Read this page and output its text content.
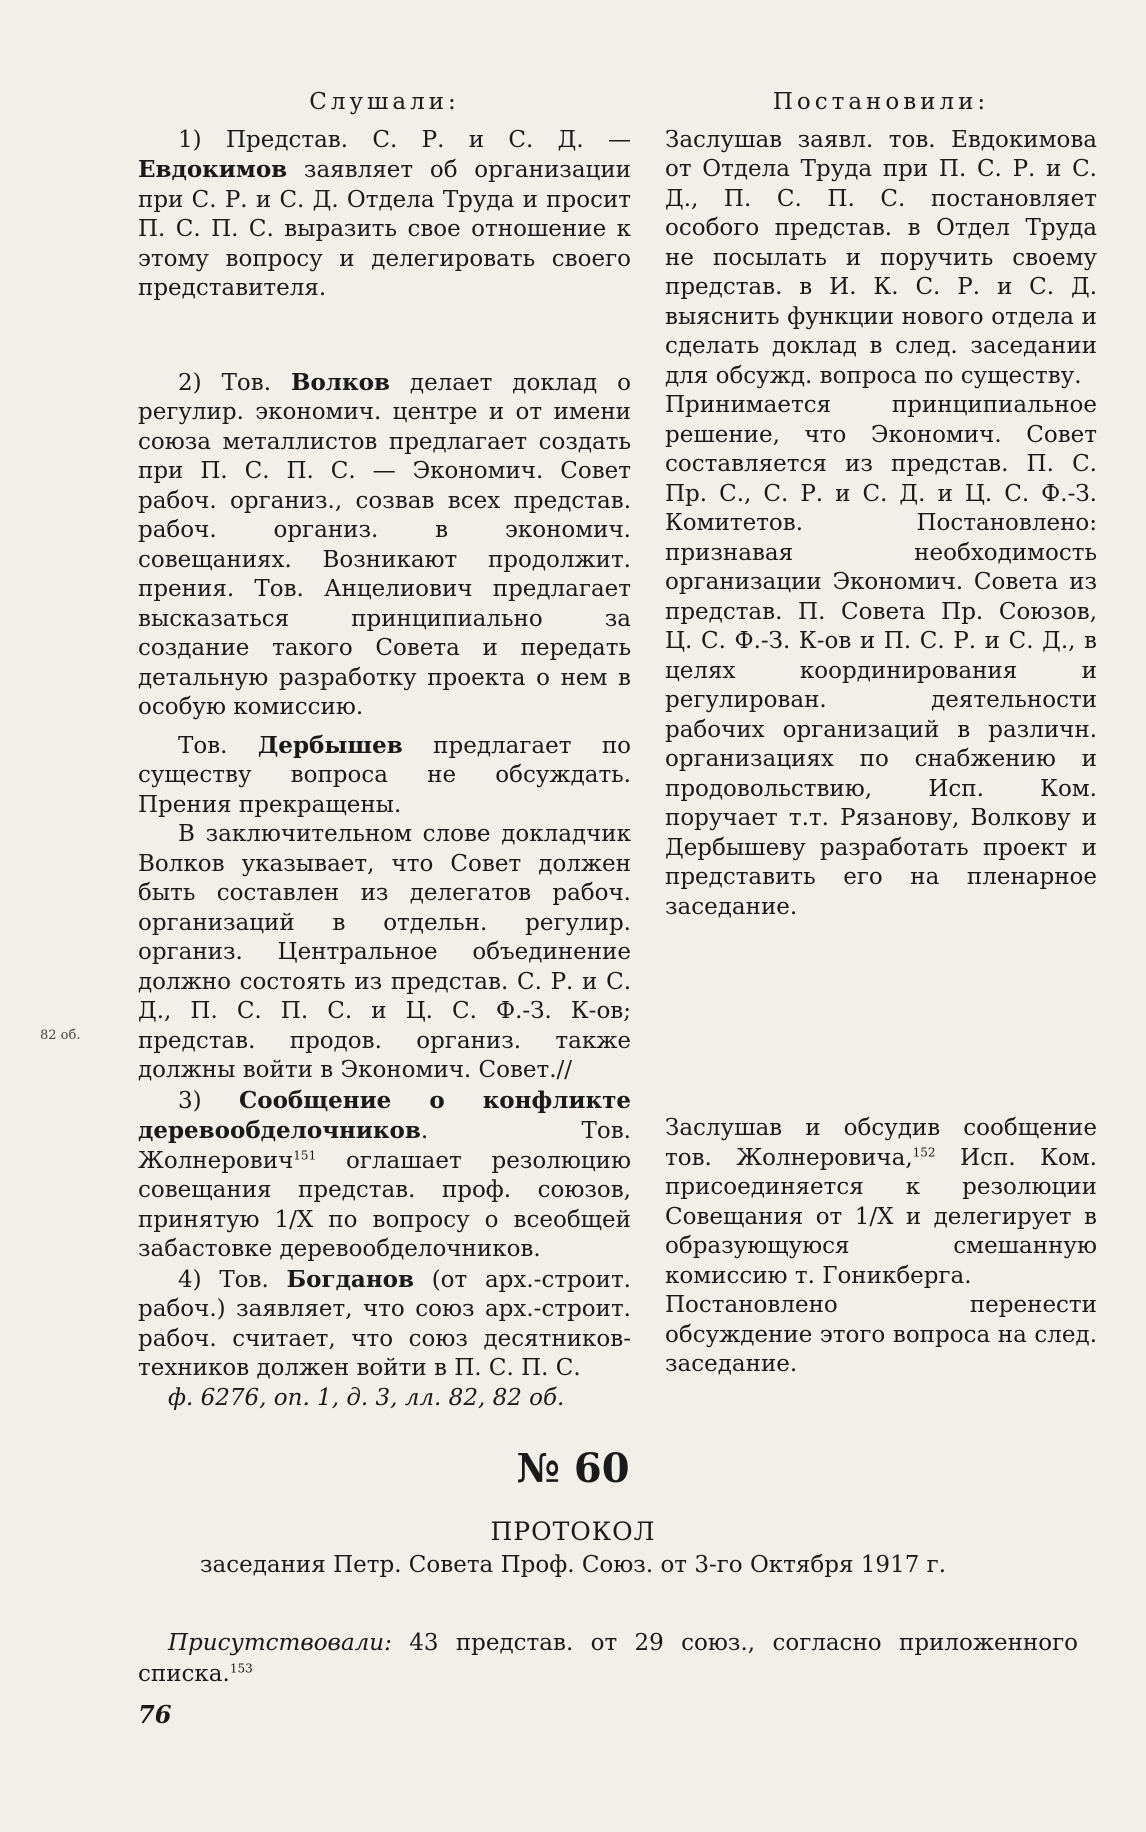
Слушали:

1) Представ. С. Р. и С. Д. — Евдокимов заявляет об организации при С. Р. и С. Д. Отдела Труда и просит П. С. П. С. выразить свое отношение к этому вопросу и делегировать своего представителя.

2) Тов. Волков делает доклад о регулир. экономич. центре и от имени союза металлистов предлагает создать при П. С. П. С. — Экономич. Совет рабоч. организ., созвав всех представ. рабоч. организ. в экономич. совещаниях. Возникают продолжит. прения. Тов. Анцелиович предлагает высказаться принципиально за создание такого Совета и передать детальную разработку проекта о нем в особую комиссию.

Тов. Дербышев предлагает по существу вопроса не обсуждать. Прения прекращены.

В заключительном слове докладчик Волков указывает, что Совет должен быть составлен из делегатов рабоч. организаций в отдельн. регулир. организ. Центральное объединение должно состоять из представ. С. Р. и С. Д., П. С. П. С. и Ц. С. Ф.-З. К-ов; представ. продов. организ. также должны войти в Экономич. Совет.//

3) Сообщение о конфликте деревообделочников. Тов. Жолнерович$^{151}$ оглашает резолюцию совещания представ. проф. союзов, принятую 1/X по вопросу о всеобщей забастовке деревообделочников.

4) Тов. Богданов (от арх.-строит. рабоч.) заявляет, что союз арх.-строит. рабоч. считает, что союз десятников-техников должен войти в П. С. П. С.

ф. 6276, оп. 1, д. 3, лл. 82, 82 об.

Постановили:

Заслушав заявл. тов. Евдокимова от Отдела Труда при П. С. Р. и С. Д., П. С. П. С. постановляет особого представ. в Отдел Труда не посылать и поручить своему представ. в И. К. С. Р. и С. Д. выяснить функции нового отдела и сделать доклад в след. заседании для обсужд. вопроса по существу.

Принимается принципиальное решение, что Экономич. Совет составляется из представ. П. С. Пр. С., С. Р. и С. Д. и Ц. С. Ф.-З. Комитетов. Постановлено: признавая необходимость организации Экономич. Совета из представ. П. Совета Пр. Союзов, Ц. С. Ф.-З. К-ов и П. С. Р. и С. Д., в целях координирования и регулирован. деятельности рабочих организаций в различн. организациях по снабжению и продовольствию, Исп. Ком. поручает т.т. Рязанову, Волкову и Дербышеву разработать проект и представить его на пленарное заседание.

Заслушав и обсудив сообщение тов. Жолнеровича,$^{152}$ Исп. Ком. присоединяется к резолюции Совещания от 1/X и делегирует в образующуюся смешанную комиссию т. Гоникберга.

Постановлено перенести обсуждение этого вопроса на след. заседание.

82 об.
№ 60
ПРОТОКОЛ
заседания Петр. Совета Проф. Союз. от 3-го Октября 1917 г.

Присутствовали: 43 представ. от 29 союз., согласно приложенного списка.$^{153}$

76
